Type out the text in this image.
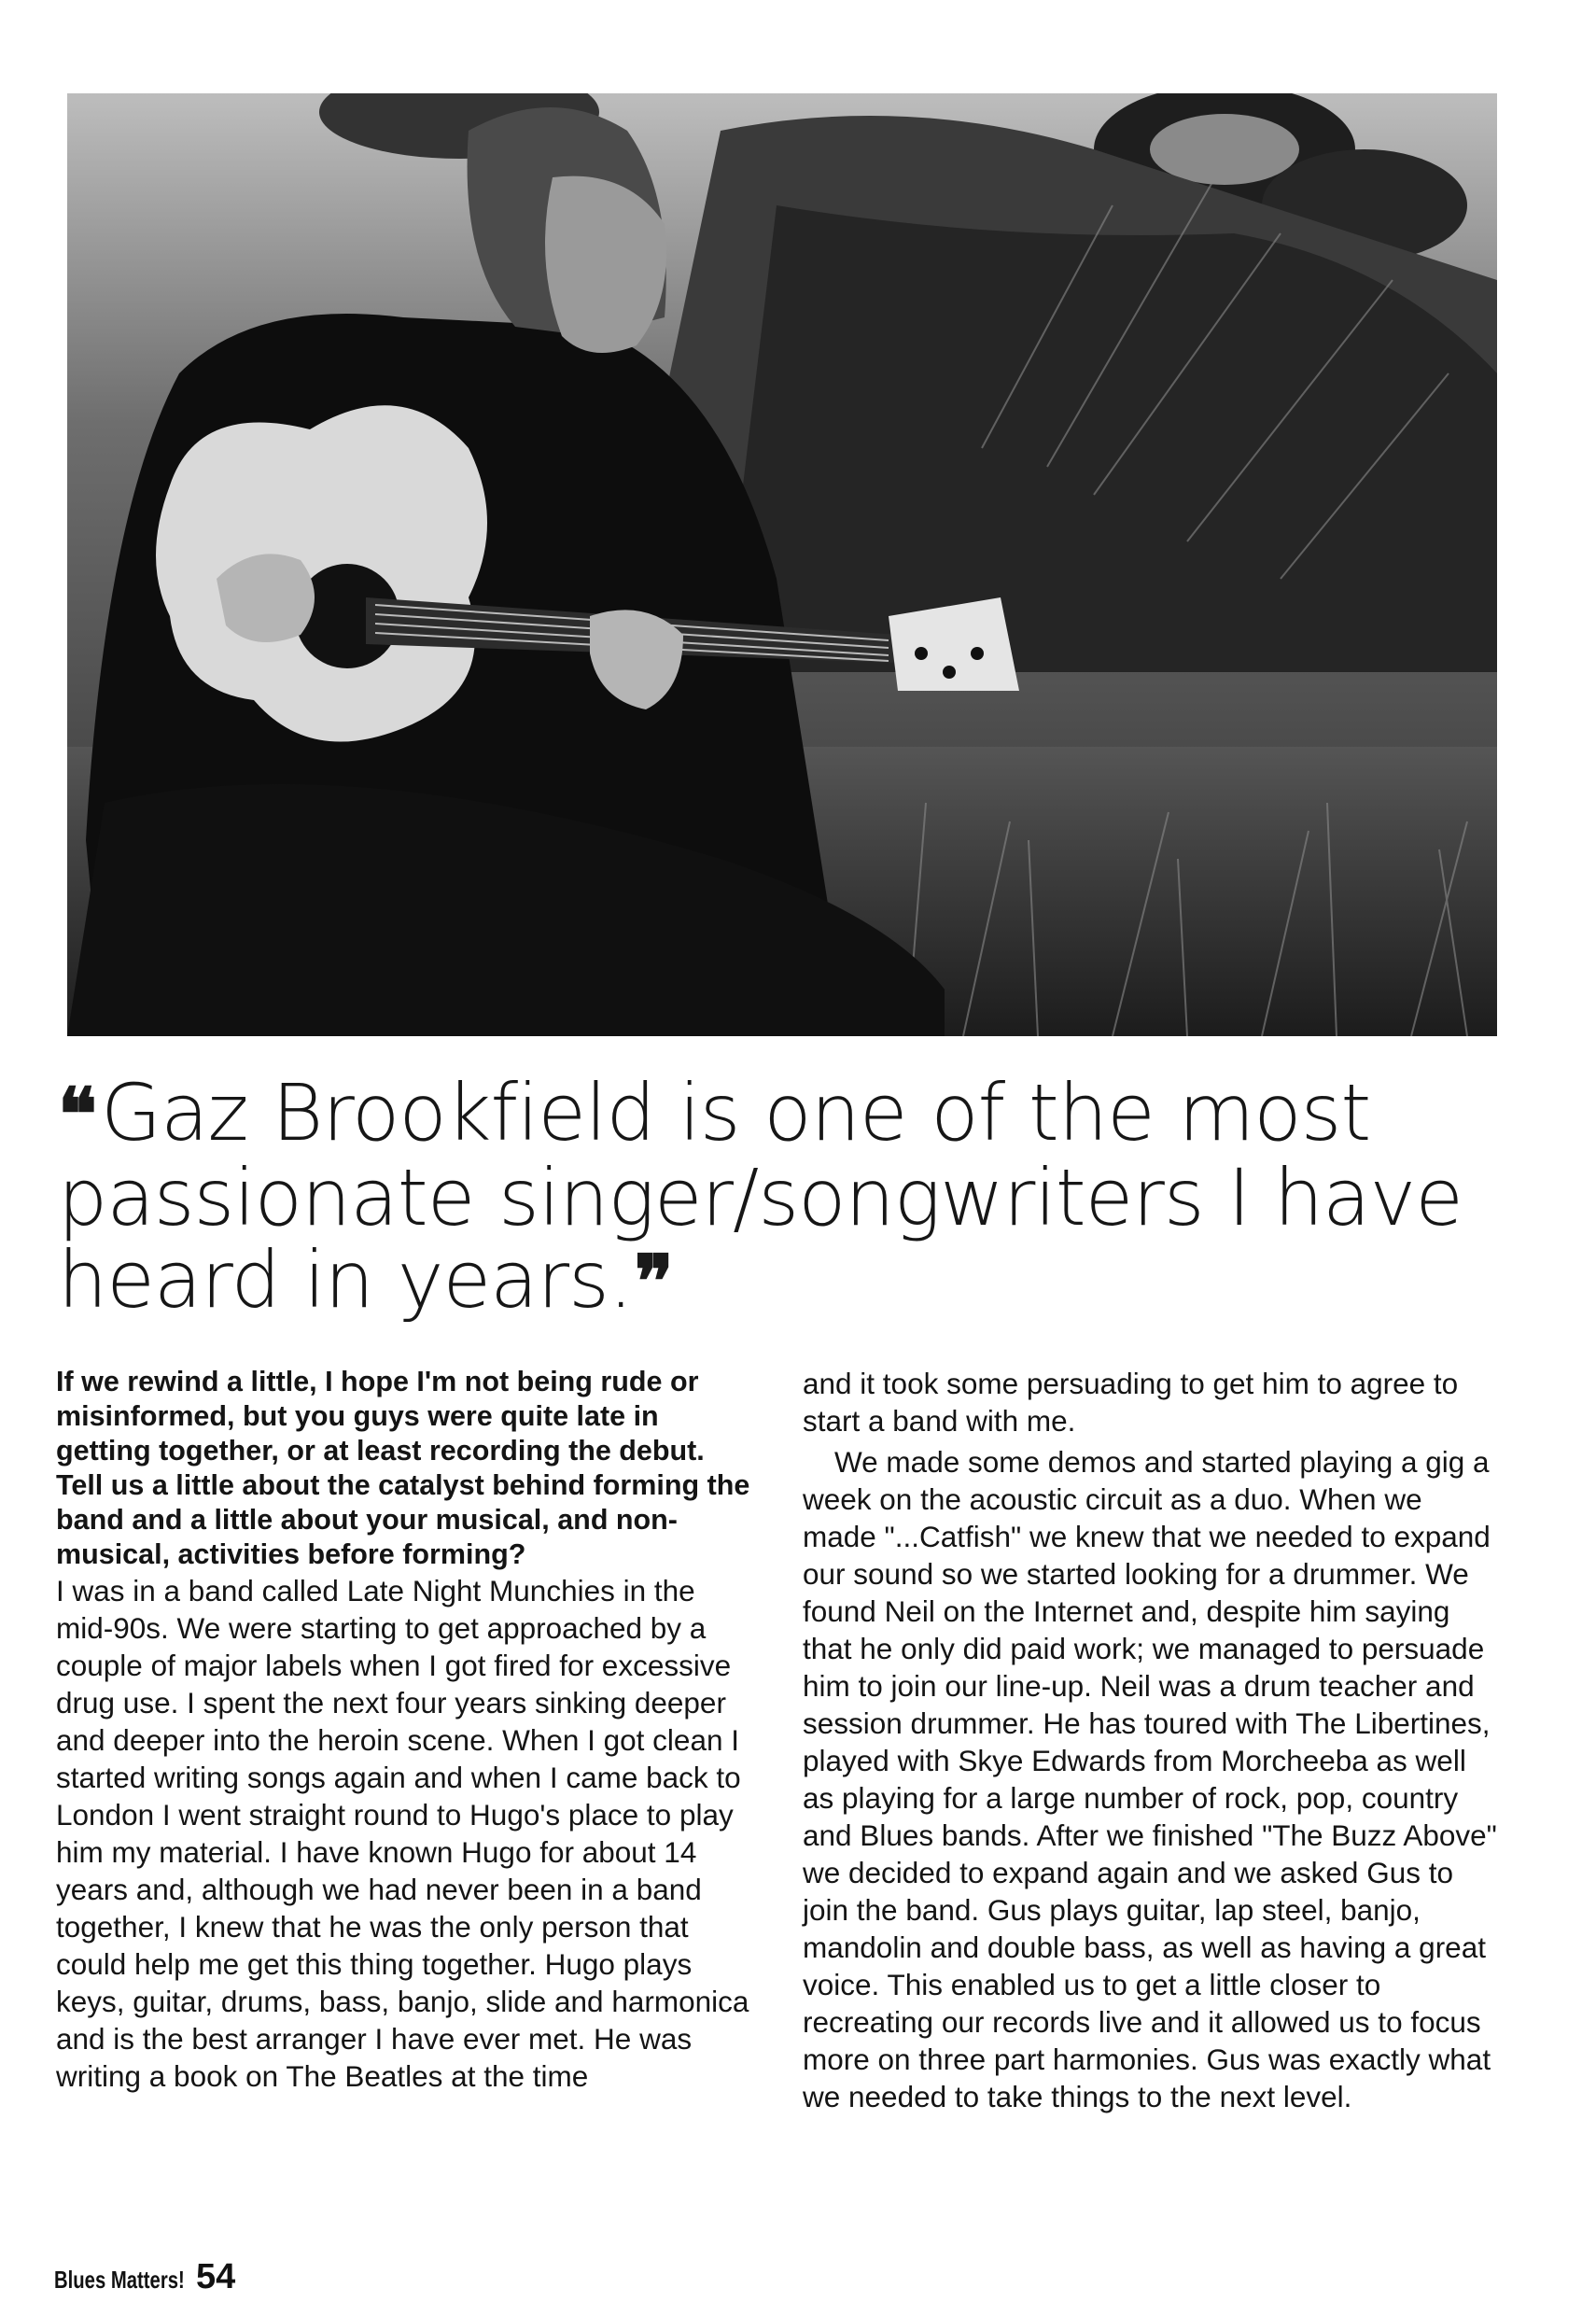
❝ Gaz Brookfield is one of the most passionate singer/songwriters I have heard in years.❞

If we rewind a little, I hope I'm not being rude or misinformed, but you guys were quite late in getting together, or at least recording the debut. Tell us a little about the catalyst behind forming the band and a little about your musical, and non-musical, activities before forming?

I was in a band called Late Night Munchies in the mid-90s. We were starting to get approached by a couple of major labels when I got fired for excessive drug use. I spent the next four years sinking deeper and deeper into the heroin scene. When I got clean I started writing songs again and when I came back to London I went straight round to Hugo's place to play him my material. I have known Hugo for about 14 years and, although we had never been in a band together, I knew that he was the only person that could help me get this thing together. Hugo plays keys, guitar, drums, bass, banjo, slide and harmonica and is the best arranger I have ever met. He was writing a book on The Beatles at the time

and it took some persuading to get him to agree to start a band with me.

We made some demos and started playing a gig a week on the acoustic circuit as a duo. When we made "...Catfish" we knew that we needed to expand our sound so we started looking for a drummer. We found Neil on the Internet and, despite him saying that he only did paid work; we managed to persuade him to join our line-up. Neil was a drum teacher and session drummer. He has toured with The Libertines, played with Skye Edwards from Morcheeba as well as playing for a large number of rock, pop, country and Blues bands. After we finished "The Buzz Above" we decided to expand again and we asked Gus to join the band. Gus plays guitar, lap steel, banjo, mandolin and double bass, as well as having a great voice. This enabled us to get a little closer to recreating our records live and it allowed us to focus more on three part harmonies. Gus was exactly what we needed to take things to the next level.

Blues Matters! 54
